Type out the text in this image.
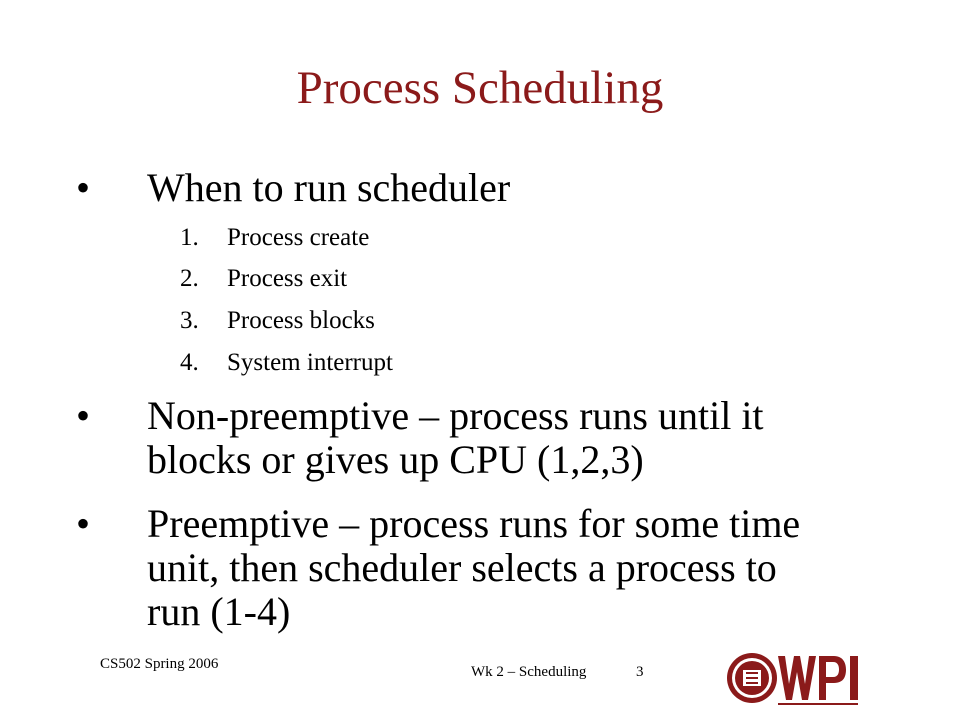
Process Scheduling
• When to run scheduler
1. Process create
2. Process exit
3. Process blocks
4. System interrupt
• Non-preemptive – process runs until it
blocks or gives up CPU (1,2,3)
• Preemptive – process runs for some time
unit, then scheduler selects a process to
run (1-4)
CS502 Spring 2006	Wk 2 – Scheduling	3
